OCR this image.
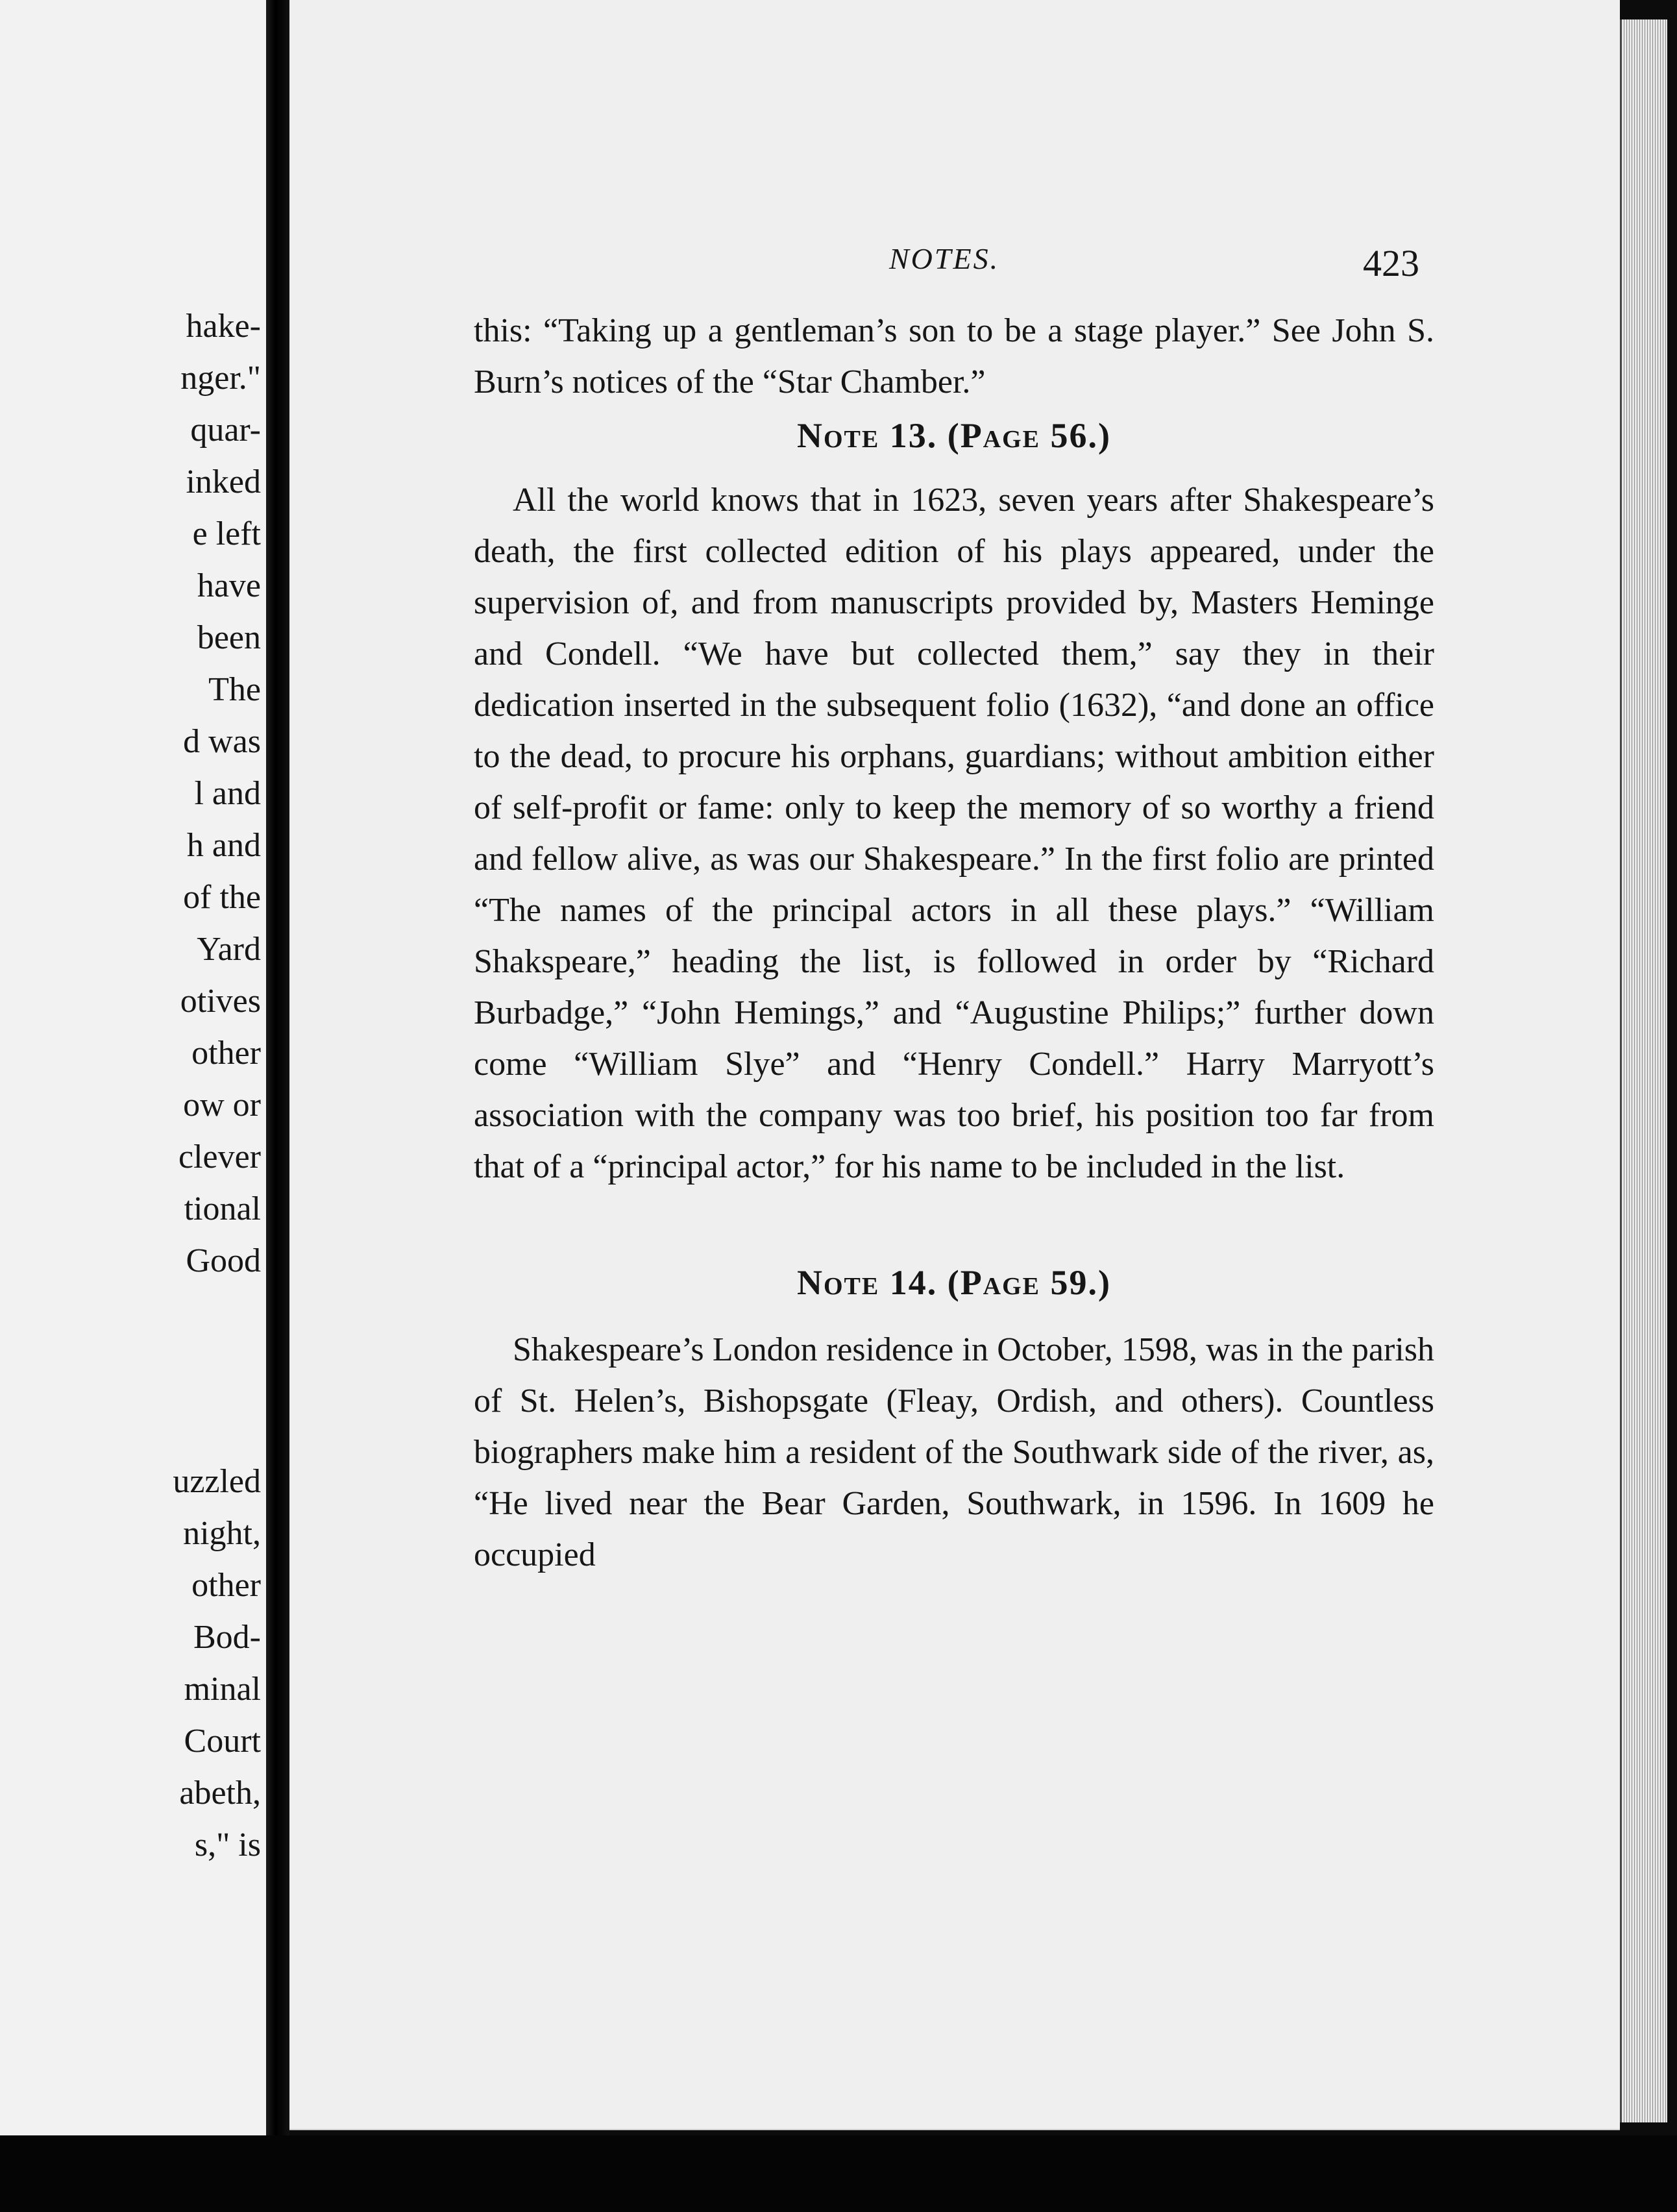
hake-
nger."
quar-
inked
e left
have
been
The
d was
l and
h and
of the
Yard
otives
other
ow or
clever
tional
Good
uzzled
night,
other
Bod-
minal
Court
abeth,
s," is
NOTES.	423

this: “Taking up a gentleman’s son to be a stage player.” See John S. Burn’s notices of the “Star Chamber.”

Note 13. (Page 56.)

All the world knows that in 1623, seven years after Shakespeare’s death, the first collected edition of his plays appeared, under the supervision of, and from manuscripts provided by, Masters Heminge and Condell. “We have but collected them,” say they in their dedication inserted in the subsequent folio (1632), “and done an office to the dead, to procure his orphans, guardians; without ambition either of self-profit or fame: only to keep the memory of so worthy a friend and fellow alive, as was our Shakespeare.” In the first folio are printed “The names of the principal actors in all these plays.” “William Shakspeare,” heading the list, is followed in order by “Richard Burbadge,” “John Hemings,” and “Augustine Philips;” further down come “William Slye” and “Henry Condell.” Harry Marryott’s association with the company was too brief, his position too far from that of a “principal actor,” for his name to be included in the list.

Note 14. (Page 59.)

Shakespeare’s London residence in October, 1598, was in the parish of St. Helen’s, Bishopsgate (Fleay, Ordish, and others). Countless biographers make him a resident of the Southwark side of the river, as, “He lived near the Bear Garden, Southwark, in 1596. In 1609 he occupied
